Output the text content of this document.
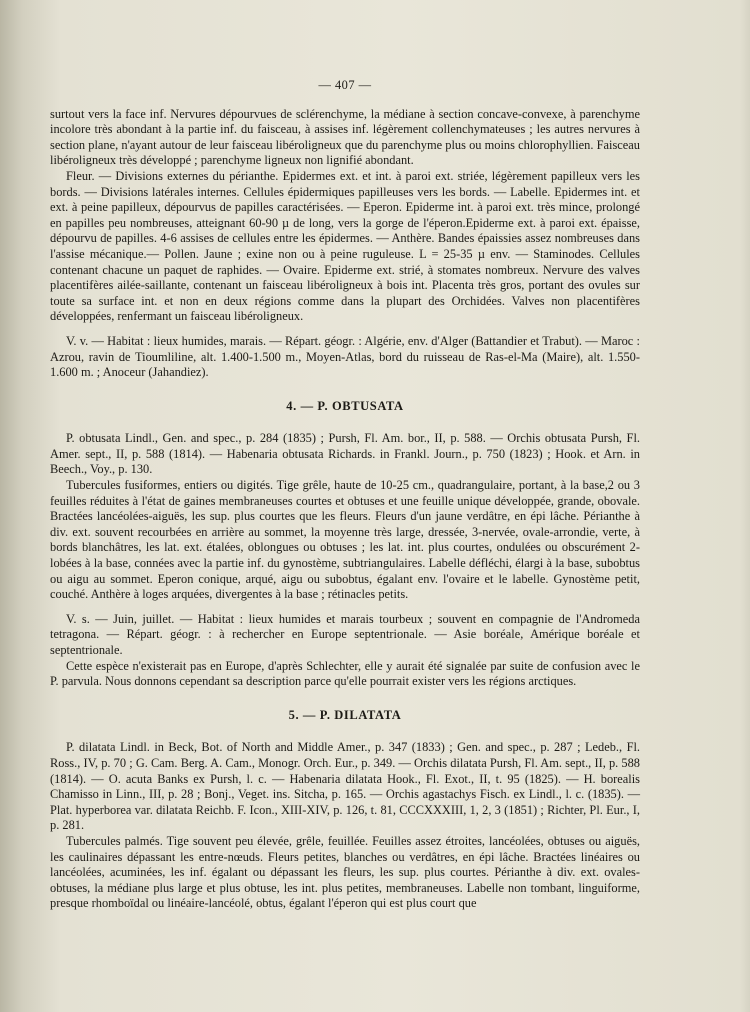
— 407 —

surtout vers la face inf. Nervures dépourvues de sclérenchyme, la médiane à section concave-convexe, à parenchyme incolore très abondant à la partie inf. du faisceau, à assises inf. légèrement collenchymateuses ; les autres nervures à section plane, n'ayant autour de leur faisceau libéroligneux que du parenchyme plus ou moins chlorophyllien. Faisceau libéroligneux très développé ; parenchyme ligneux non lignifié abondant.

Fleur. — Divisions externes du périanthe. Epidermes ext. et int. à paroi ext. striée, légèrement papilleux vers les bords. — Divisions latérales internes. Cellules épidermiques papilleuses vers les bords. — Labelle. Epidermes int. et ext. à peine papilleux, dépourvus de papilles caractérisées. — Eperon. Epiderme int. à paroi ext. très mince, prolongé en papilles peu nombreuses, atteignant 60-90 µ de long, vers la gorge de l'éperon.Epiderme ext. à paroi ext. épaisse, dépourvu de papilles. 4-6 assises de cellules entre les épidermes. — Anthère. Bandes épaissies assez nombreuses dans l'assise mécanique.— Pollen. Jaune ; exine non ou à peine ruguleuse. L = 25-35 µ env. — Staminodes. Cellules contenant chacune un paquet de raphides. — Ovaire. Epiderme ext. strié, à stomates nombreux. Nervure des valves placentifères ailée-saillante, contenant un faisceau libéroligneux à bois int. Placenta très gros, portant des ovules sur toute sa surface int. et non en deux régions comme dans la plupart des Orchidées. Valves non placentifères développées, renfermant un faisceau libéroligneux.

V. v. — Habitat : lieux humides, marais. — Répart. géogr. : Algérie, env. d'Alger (Battandier et Trabut). — Maroc : Azrou, ravin de Tioumliline, alt. 1.400-1.500 m., Moyen-Atlas, bord du ruisseau de Ras-el-Ma (Maire), alt. 1.550-1.600 m. ; Anoceur (Jahandiez).

4. — P. OBTUSATA

P. obtusata Lindl., Gen. and spec., p. 284 (1835) ; Pursh, Fl. Am. bor., II, p. 588. — Orchis obtusata Pursh, Fl. Amer. sept., II, p. 588 (1814). — Habenaria obtusata Richards. in Frankl. Journ., p. 750 (1823) ; Hook. et Arn. in Beech., Voy., p. 130.

Tubercules fusiformes, entiers ou digités. Tige grêle, haute de 10-25 cm., quadrangulaire, portant, à la base,2 ou 3 feuilles réduites à l'état de gaines membraneuses courtes et obtuses et une feuille unique développée, grande, obovale. Bractées lancéolées-aiguës, les sup. plus courtes que les fleurs. Fleurs d'un jaune verdâtre, en épi lâche. Périanthe à div. ext. souvent recourbées en arrière au sommet, la moyenne très large, dressée, 3-nervée, ovale-arrondie, verte, à bords blanchâtres, les lat. ext. étalées, oblongues ou obtuses ; les lat. int. plus courtes, ondulées ou obscurément 2-lobées à la base, connées avec la partie inf. du gynostème, subtriangulaires. Labelle défléchi, élargi à la base, subobtus ou aigu au sommet. Eperon conique, arqué, aigu ou subobtus, égalant env. l'ovaire et le labelle. Gynostème petit, couché. Anthère à loges arquées, divergentes à la base ; rétinacles petits.

V. s. — Juin, juillet. — Habitat : lieux humides et marais tourbeux ; souvent en compagnie de l'Andromeda tetragona. — Répart. géogr. : à rechercher en Europe septentrionale. — Asie boréale, Amérique boréale et septentrionale.

Cette espèce n'existerait pas en Europe, d'après Schlechter, elle y aurait été signalée par suite de confusion avec le P. parvula. Nous donnons cependant sa description parce qu'elle pourrait exister vers les régions arctiques.

5. — P. DILATATA

P. dilatata Lindl. in Beck, Bot. of North and Middle Amer., p. 347 (1833) ; Gen. and spec., p. 287 ; Ledeb., Fl. Ross., IV, p. 70 ; G. Cam. Berg. A. Cam., Monogr. Orch. Eur., p. 349. — Orchis dilatata Pursh, Fl. Am. sept., II, p. 588 (1814). — O. acuta Banks ex Pursh, l. c. — Habenaria dilatata Hook., Fl. Exot., II, t. 95 (1825). — H. borealis Chamisso in Linn., III, p. 28 ; Bonj., Veget. ins. Sitcha, p. 165. — Orchis agastachys Fisch. ex Lindl., l. c. (1835). — Plat. hyperborea var. dilatata Reichb. F. Icon., XIII-XIV, p. 126, t. 81, CCCXXXIII, 1, 2, 3 (1851) ; Richter, Pl. Eur., I, p. 281.

Tubercules palmés. Tige souvent peu élevée, grêle, feuillée. Feuilles assez étroites, lancéolées, obtuses ou aiguës, les caulinaires dépassant les entre-nœuds. Fleurs petites, blanches ou verdâtres, en épi lâche. Bractées linéaires ou lancéolées, acuminées, les inf. égalant ou dépassant les fleurs, les sup. plus courtes. Périanthe à div. ext. ovales-obtuses, la médiane plus large et plus obtuse, les int. plus petites, membraneuses. Labelle non tombant, linguiforme, presque rhomboïdal ou linéaire-lancéolé, obtus, égalant l'éperon qui est plus court que
